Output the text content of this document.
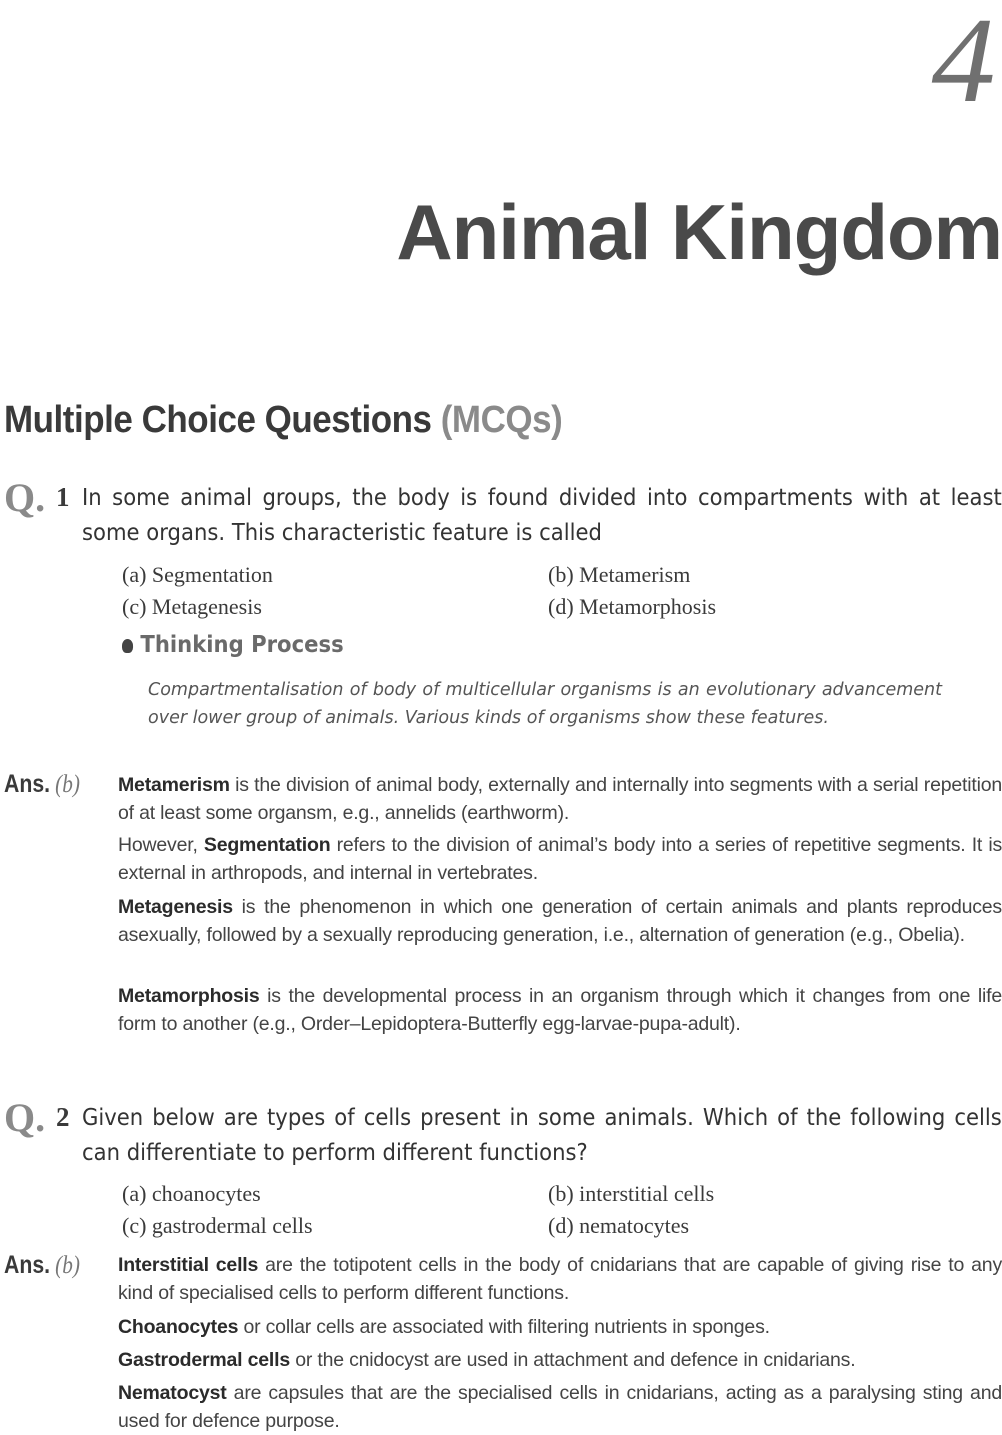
4
Animal Kingdom
Multiple Choice Questions (MCQs)
Q. 1 In some animal groups, the body is found divided into compartments with at least some organs. This characteristic feature is called
(a) Segmentation	(b) Metamerism
(c) Metagenesis	(d) Metamorphosis
Thinking Process
Compartmentalisation of body of multicellular organisms is an evolutionary advancement over lower group of animals. Various kinds of organisms show these features.
Ans. (b) Metamerism is the division of animal body, externally and internally into segments with a serial repetition of at least some organsm, e.g., annelids (earthworm).
However, Segmentation refers to the division of animal’s body into a series of repetitive segments. It is external in arthropods, and internal in vertebrates.
Metagenesis is the phenomenon in which one generation of certain animals and plants reproduces asexually, followed by a sexually reproducing generation, i.e., alternation of generation (e.g., Obelia).
Metamorphosis is the developmental process in an organism through which it changes from one life form to another (e.g., Order–Lepidoptera-Butterfly egg-larvae-pupa-adult).
Q. 2 Given below are types of cells present in some animals. Which of the following cells can differentiate to perform different functions?
(a) choanocytes	(b) interstitial cells
(c) gastrodermal cells	(d) nematocytes
Ans. (b) Interstitial cells are the totipotent cells in the body of cnidarians that are capable of giving rise to any kind of specialised cells to perform different functions.
Choanocytes or collar cells are associated with filtering nutrients in sponges.
Gastrodermal cells or the cnidocyst are used in attachment and defence in cnidarians.
Nematocyst are capsules that are the specialised cells in cnidarians, acting as a paralysing sting and used for defence purpose.
